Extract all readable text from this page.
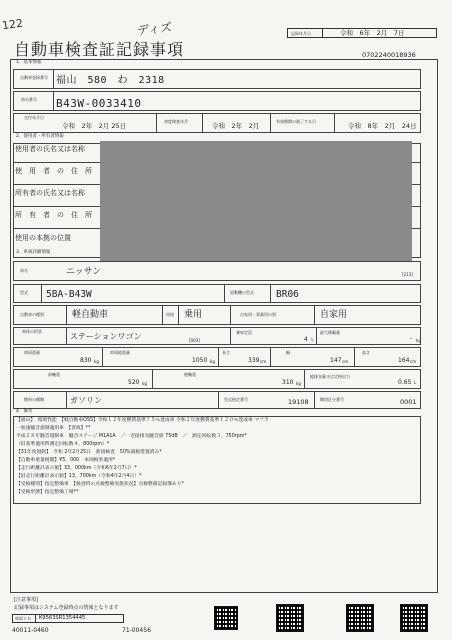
122	ディズ
自動車検査証記録事項
記録年月日	令和　6年　2月　7日
0702240018936
1．基本情報
自動車登録番号 福山　580　わ　2318
車台番号 B43W-0033410
交付年月日
令和　2年　2月 25日
初度検査年月
令和　2年　2月
有効期間の満了する日
令和　8年　2月　24日
2．使用者・所有者情報
使用者の氏名又は名称
使　用　者　の　住　所
所有者の氏名又は名称
所　有　者　の　住　所
使用の本拠の位置
3．車両詳細情報
車名	ニッサン	[213]
型式 5BA-B43W	原動機の型式 BR06
自動車の種別	軽自動車	用途 乗用	自家用・事業用の別	自家用
車体の形状
ステーションワゴン	[003]
乗車定員
4 人
最大積載量
- kg
車両重量
830 kg
車両総重量
1050 kg
長さ
339 cm
幅
147 cm
高さ
164 cm
前軸重
520 kg
後軸重
310 kg
総排気量又は定格出力
0.65 L
燃料の種類	ガソリン	型式指定番号	19108	類別区分番号	0001
4．備考
【福山】　環境性能　【軽自動車OSS】令和１２年度燃費基準７５％達成車 令和２年度燃費基準１２０％達成車 マフラ
一加速騒音規制適用車　【習政】**
平成２８年騒音規制車　騒音ステージ M1A1A　／　近接排気騒音値 75dB　／　測定回転数３，750rpm*
（旧基準適用時測定回転数４，800rpm）*
【31年度規制】　令和 2年2月25日　新規検査　50%減税措置済み*
【自動車重量税額】¥5，000　本則税率適用*
【走行距離計表示値】33，000km（令和6年2月7日）*
【旧走行距離計表示値】13，700km（令和4年2月4日）*
【受検種別】指定整備車　【検査時の点検整備実施状況】点検整備記録簿あり*
【受検形態】指定整備工場**
[注意事項]
記録事項はシステム登録時点の情報となります
車両ＩＤ K9563SR1354445
40011-0460	71-00456
